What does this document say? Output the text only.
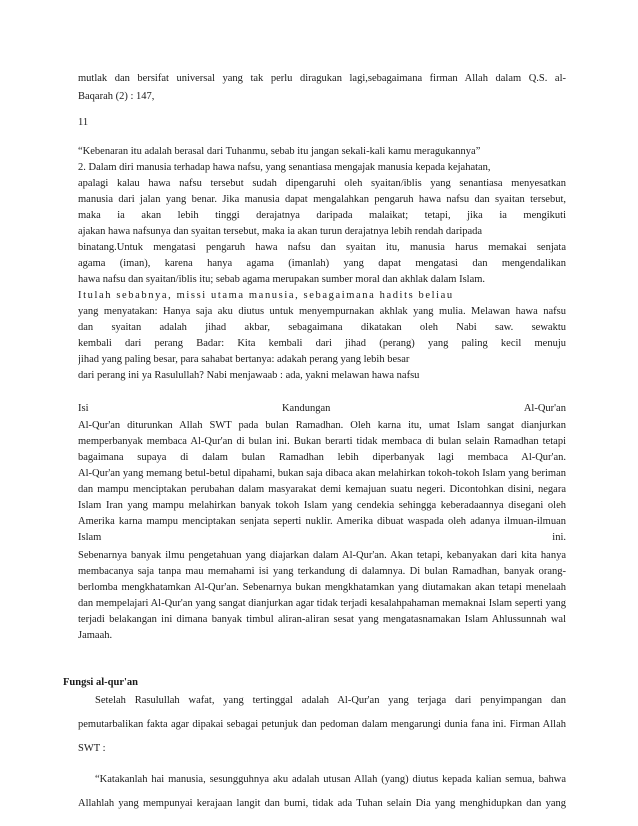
mutlak dan bersifat universal yang tak perlu diragukan lagi,sebagaimana firman Allah dalam Q.S. al-
Baqarah (2) : 147,
11
“Kebenaran itu adalah berasal dari Tuhanmu, sebab itu jangan sekali-kali kamu meragukannya”
2. Dalam diri manusia terhadap hawa nafsu, yang senantiasa mengajak manusia kepada kejahatan,
apalagi kalau hawa nafsu tersebut sudah dipengaruhi oleh syaitan/iblis yang senantiasa menyesatkan
manusia dari jalan yang benar. Jika manusia dapat mengalahkan pengaruh hawa nafsu dan syaitan tersebut,
maka ia akan lebih tinggi derajatnya daripada malaikat; tetapi, jika ia mengikuti
ajakan hawa nafsunya dan syaitan tersebut, maka ia akan turun derajatnya lebih rendah daripada
binatang.Untuk mengatasi pengaruh hawa nafsu dan syaitan itu, manusia harus memakai senjata
agama (iman), karena hanya agama (imanlah) yang dapat mengatasi dan mengendalikan
hawa nafsu dan syaitan/iblis itu; sebab agama merupakan sumber moral dan akhlak dalam Islam.
Itulah sebabnya, missi utama manusia, sebagaimana hadits beliau
yang menyatakan: Hanya saja aku diutus untuk menyempurnakan akhlak yang mulia. Melawan hawa nafsu
dan syaitan adalah jihad akbar, sebagaimana dikatakan oleh Nabi saw. sewaktu
kembali dari perang Badar: Kita kembali dari jihad (perang) yang paling kecil menuju
jihad yang paling besar, para sahabat bertanya: adakah perang yang lebih besar
dari perang ini ya Rasulullah? Nabi menjawaab : ada, yakni melawan hawa nafsu
Isi	Kandungan	Al-Qur'an
Al-Qur'an diturunkan Allah SWT pada bulan Ramadhan. Oleh karna itu, umat Islam sangat dianjurkan
memperbanyak membaca Al-Qur'an di bulan ini. Bukan berarti tidak membaca di bulan selain Ramadhan tetapi
bagaimana supaya di dalam bulan Ramadhan lebih diperbanyak lagi membaca Al-Qur'an.
Al-Qur'an yang memang betul-betul dipahami, bukan saja dibaca akan melahirkan tokoh-tokoh Islam yang beriman
dan mampu menciptakan perubahan dalam masyarakat demi kemajuan suatu negeri. Dicontohkan disini, negara
Islam Iran yang mampu melahirkan banyak tokoh Islam yang cendekia sehingga keberadaannya disegani oleh
Amerika karna mampu menciptakan senjata seperti nuklir. Amerika dibuat waspada oleh adanya ilmuan-ilmuan
Islam	ini.
Sebenarnya banyak ilmu pengetahuan yang diajarkan dalam Al-Qur'an. Akan tetapi, kebanyakan dari kita hanya
membacanya saja tanpa mau memahami isi yang terkandung di dalamnya. Di bulan Ramadhan, banyak orang-
berlomba mengkhatamkan Al-Qur'an. Sebenarnya bukan mengkhatamkan yang diutamakan akan tetapi menelaah
dan mempelajari Al-Qur'an yang sangat dianjurkan agar tidak terjadi kesalahpahaman memaknai Islam seperti yang
terjadi belakangan ini dimana banyak timbul aliran-aliran sesat yang mengatasnamakan Islam Ahlussunnah wal
Jamaah.
Fungsi al-qur'an
Setelah Rasulullah wafat, yang tertinggal adalah Al-Qur'an yang terjaga dari penyimpangan dan
pemutarbalikan fakta agar dipakai sebagai petunjuk dan pedoman dalam mengarungi dunia fana ini. Firman Allah
SWT :
“Katakanlah hai manusia, sesungguhnya aku adalah utusan Allah (yang) diutus kepada kalian semua, bahwa
Allahlah yang mempunyai kerajaan langit dan bumi, tidak ada Tuhan selain Dia yang menghidupkan dan yang
